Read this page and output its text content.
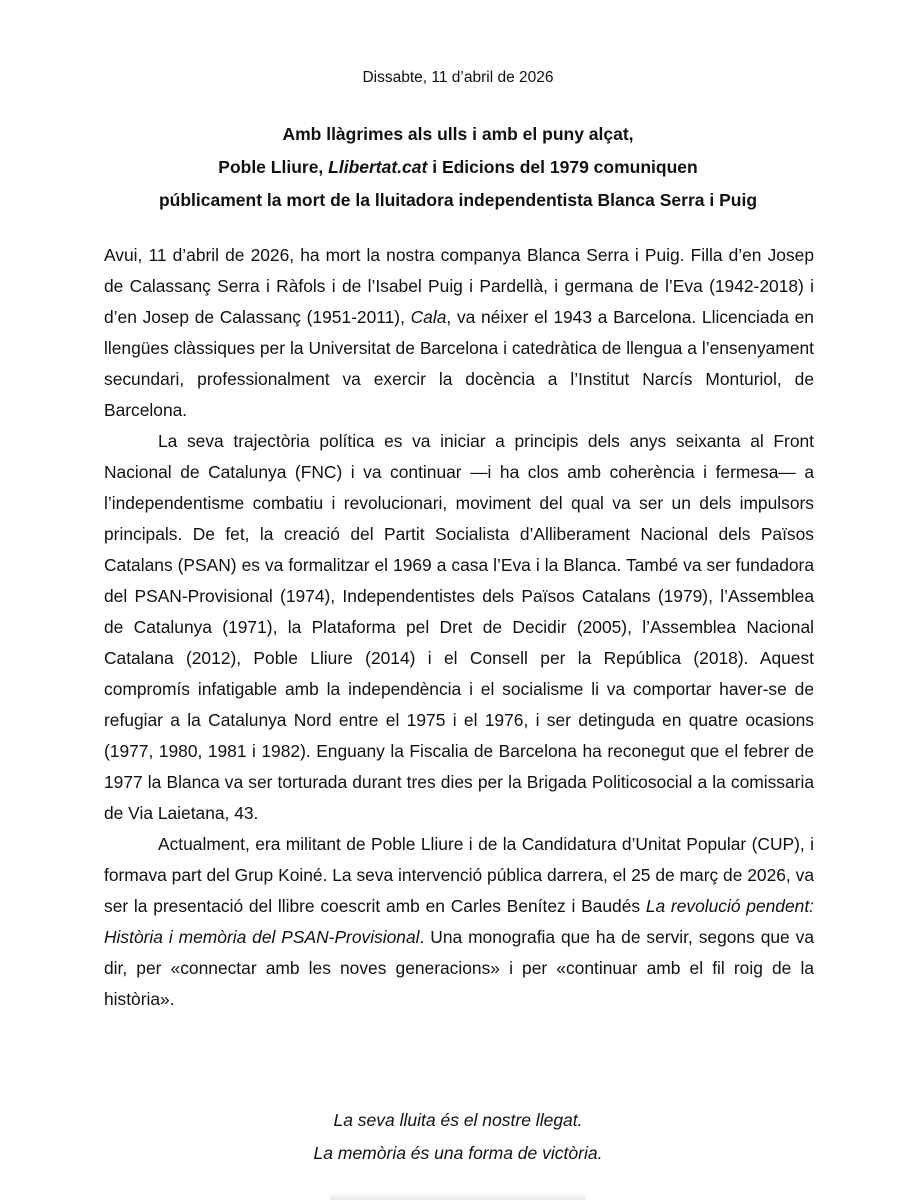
Dissabte, 11 d’abril de 2026
Amb llàgrimes als ulls i amb el puny alçat,
Poble Lliure, Llibertat.cat i Edicions del 1979 comuniquen
públicament la mort de la lluitadora independentista Blanca Serra i Puig

Avui, 11 d’abril de 2026, ha mort la nostra companya Blanca Serra i Puig. Filla d’en Josep de Calassanç Serra i Ràfols i de l’Isabel Puig i Pardellà, i germana de l’Eva (1942-2018) i d’en Josep de Calassanç (1951-2011), Cala, va néixer el 1943 a Barcelona. Llicenciada en llengües clàssiques per la Universitat de Barcelona i catedràtica de llengua a l’ensenyament secundari, professionalment va exercir la docència a l’Institut Narcís Monturiol, de Barcelona.

La seva trajectòria política es va iniciar a principis dels anys seixanta al Front Nacional de Catalunya (FNC) i va continuar —i ha clos amb coherència i fermesa— a l’independentisme combatiu i revolucionari, moviment del qual va ser un dels impulsors principals. De fet, la creació del Partit Socialista d’Alliberament Nacional dels Països Catalans (PSAN) es va formalitzar el 1969 a casa l’Eva i la Blanca. També va ser fundadora del PSAN-Provisional (1974), Independentistes dels Països Catalans (1979), l’Assemblea de Catalunya (1971), la Plataforma pel Dret de Decidir (2005), l’Assemblea Nacional Catalana (2012), Poble Lliure (2014) i el Consell per la República (2018). Aquest compromís infatigable amb la independència i el socialisme li va comportar haver-se de refugiar a la Catalunya Nord entre el 1975 i el 1976, i ser detinguda en quatre ocasions (1977, 1980, 1981 i 1982). Enguany la Fiscalia de Barcelona ha reconegut que el febrer de 1977 la Blanca va ser torturada durant tres dies per la Brigada Politicosocial a la comissaria de Via Laietana, 43.

Actualment, era militant de Poble Lliure i de la Candidatura d’Unitat Popular (CUP), i formava part del Grup Koiné. La seva intervenció pública darrera, el 25 de març de 2026, va ser la presentació del llibre coescrit amb en Carles Benítez i Baudés La revolució pendent: Història i memòria del PSAN-Provisional. Una monografia que ha de servir, segons que va dir, per «connectar amb les noves generacions» i per «continuar amb el fil roig de la història».

La seva lluita és el nostre llegat.
La memòria és una forma de victòria.
